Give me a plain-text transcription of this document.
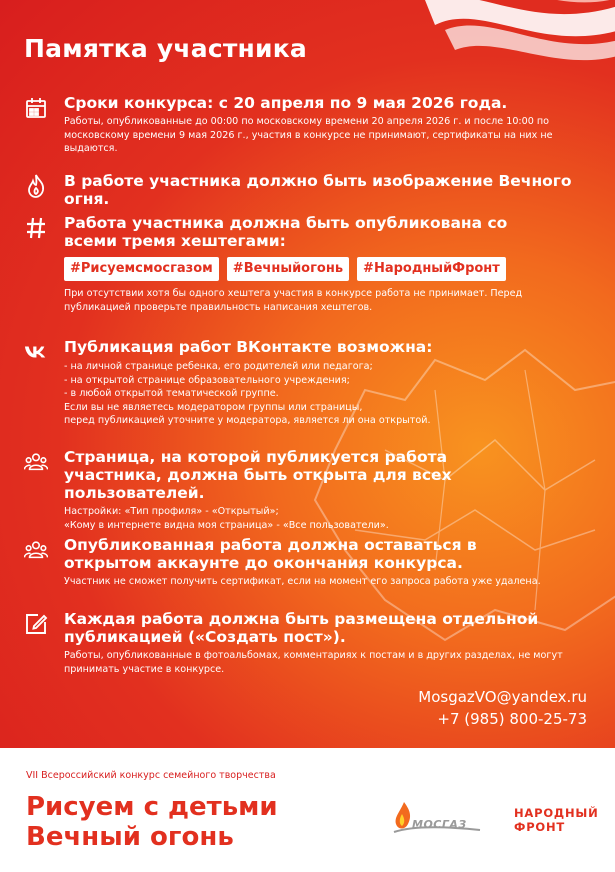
Памятка участника
Сроки конкурса: с 20 апреля по 9 мая 2026 года.
Работы, опубликованные до 00:00 по московскому времени 20 апреля 2026 г. и после 10:00 по московскому времени 9 мая 2026 г., участия в конкурсе не принимают, сертификаты на них не выдаются.
В работе участника должно быть изображение Вечного огня.
Работа участника должна быть опубликована со всеми тремя хештегами:
#Рисуемсмосгазом	#Вечныйогонь	#НародныйФронт
При отсутствии хотя бы одного хештега участия в конкурсе работа не принимает. Перед публикацией проверьте правильность написания хештегов.
Публикация работ ВКонтакте возможна:
- на личной странице ребенка, его родителей или педагога;
- на открытой странице образовательного учреждения;
- в любой открытой тематической группе.
Если вы не являетесь модератором группы или страницы,
перед публикацией уточните у модератора, является ли она открытой.
Страница, на которой публикуется работа участника, должна быть открыта для всех пользователей.
Настройки: «Тип профиля» - «Открытый»;
«Кому в интернете видна моя страница» - «Все пользователи».
Опубликованная работа должна оставаться в открытом аккаунте до окончания конкурса.
Участник не сможет получить сертификат, если на момент его запроса работа уже удалена.
Каждая работа должна быть размещена отдельной публикацией («Создать пост»).
Работы, опубликованные в фотоальбомах, комментариях к постам и в других разделах, не могут принимать участие в конкурсе.
MosgazVO@yandex.ru
+7 (985) 800-25-73
VII Всероссийский конкурс семейного творчества
Рисуем с детьми
Вечный огонь	МОСГАЗ
НАРОДНЫЙ
ФРОНТ
